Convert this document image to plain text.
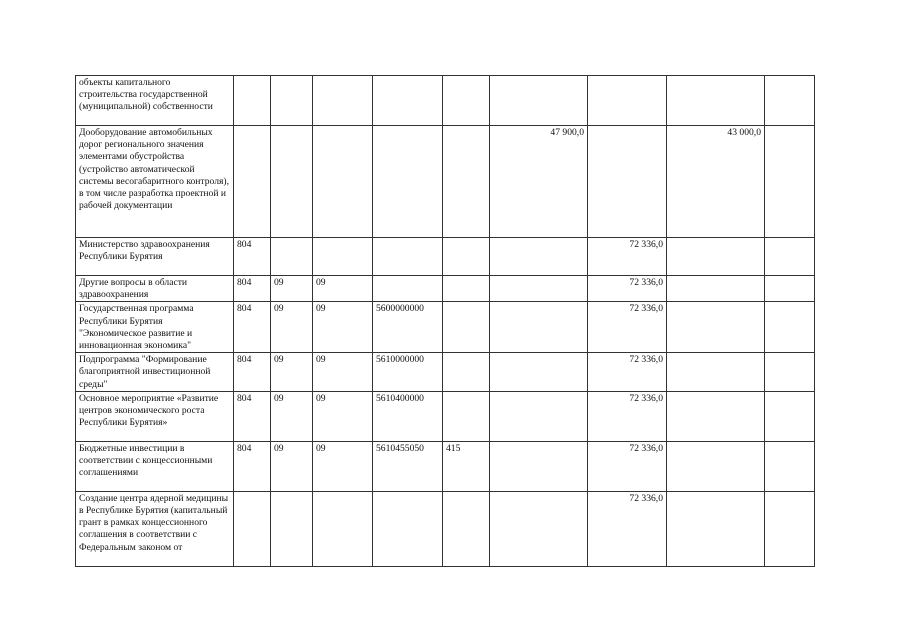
объекты капитального строительства государственной (муниципальной) собственности									
Дооборудование автомобильных дорог регионального значения элементами обустройства (устройство автоматической системы весогабаритного контроля), в том числе разработка проектной и рабочей документации						47 900,0		43 000,0	
Министерство здравоохранения Республики Бурятия	804						72 336,0		
Другие вопросы в области здравоохранения	804	09	09				72 336,0		
Государственная программа Республики Бурятия "Экономическое развитие и инновационная экономика"	804	09	09	5600000000			72 336,0		
Подпрограмма "Формирование благоприятной инвестиционной среды"	804	09	09	5610000000			72 336,0		
Основное мероприятие «Развитие центров экономического роста Республики Бурятия»	804	09	09	5610400000			72 336,0		
Бюджетные инвестиции в соответствии с концессионными соглашениями	804	09	09	5610455050	415		72 336,0		
Создание центра ядерной медицины в Республике Бурятия (капитальный грант в рамках концессионного соглашения в соответствии с Федеральным законом от							72 336,0		
